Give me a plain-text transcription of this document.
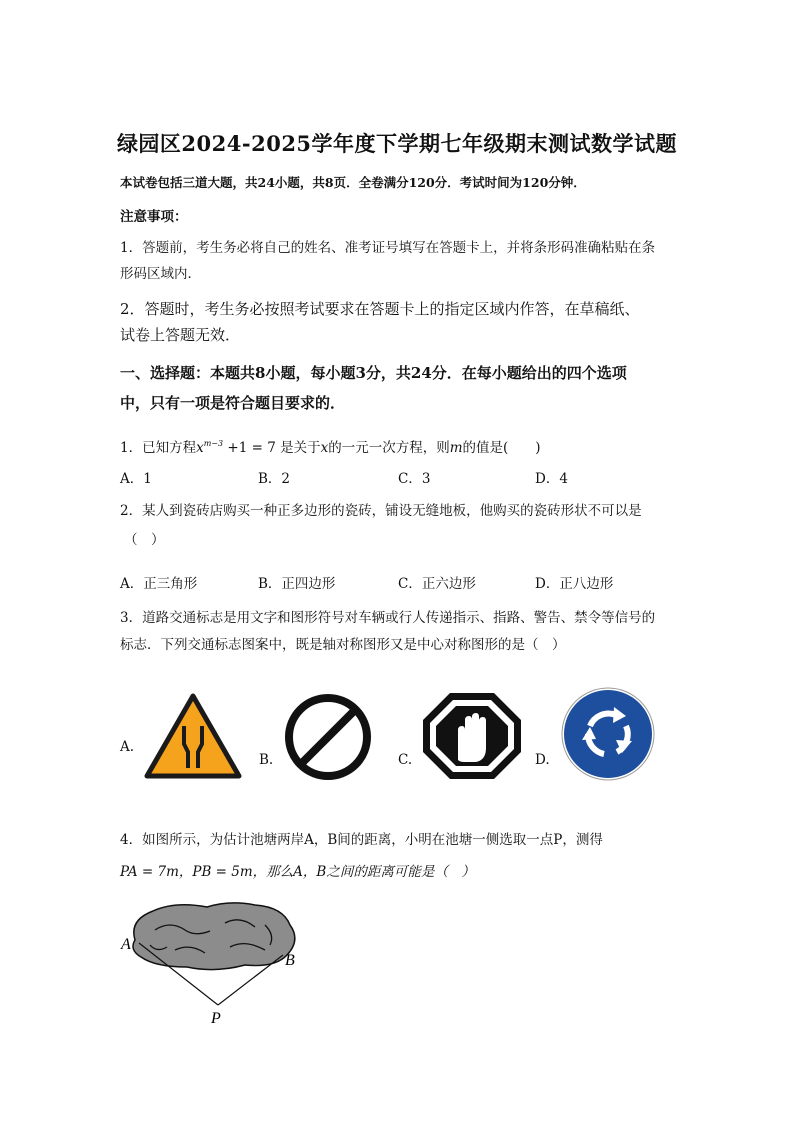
绿园区2024-2025学年度下学期七年级期末测试数学试题
本试卷包括三道大题，共24小题，共8页．全卷满分120分．考试时间为120分钟．
注意事项：
1．答题前，考生务必将自己的姓名、准考证号填写在答题卡上，并将条形码准确粘贴在条
形码区域内．
2．答题时，考生务必按照考试要求在答题卡上的指定区域内作答，在草稿纸、
试卷上答题无效．
一、选择题：本题共8小题，每小题3分，共24分．在每小题给出的四个选项
中，只有一项是符合题目要求的．
1．已知方程$x^{m-3} +1 = 7$ 是关于x的一元一次方程，则m的值是(　　)
A．1	B．2	C．3	D．4
2．某人到瓷砖店购买一种正多边形的瓷砖，铺设无缝地板，他购买的瓷砖形状不可以是
（　）
A．正三角形	B．正四边形	C．正六边形	D．正八边形
3．道路交通标志是用文字和图形符号对车辆或行人传递指示、指路、警告、禁令等信号的
标志．下列交通标志图案中，既是轴对称图形又是中心对称图形的是（　）
A.
B.	C.	D.
4．如图所示，为估计池塘两岸A，B间的距离，小明在池塘一侧选取一点P，测得
PA = 7m，PB = 5m，那么A，B之间的距离可能是（　）
A
B
P
